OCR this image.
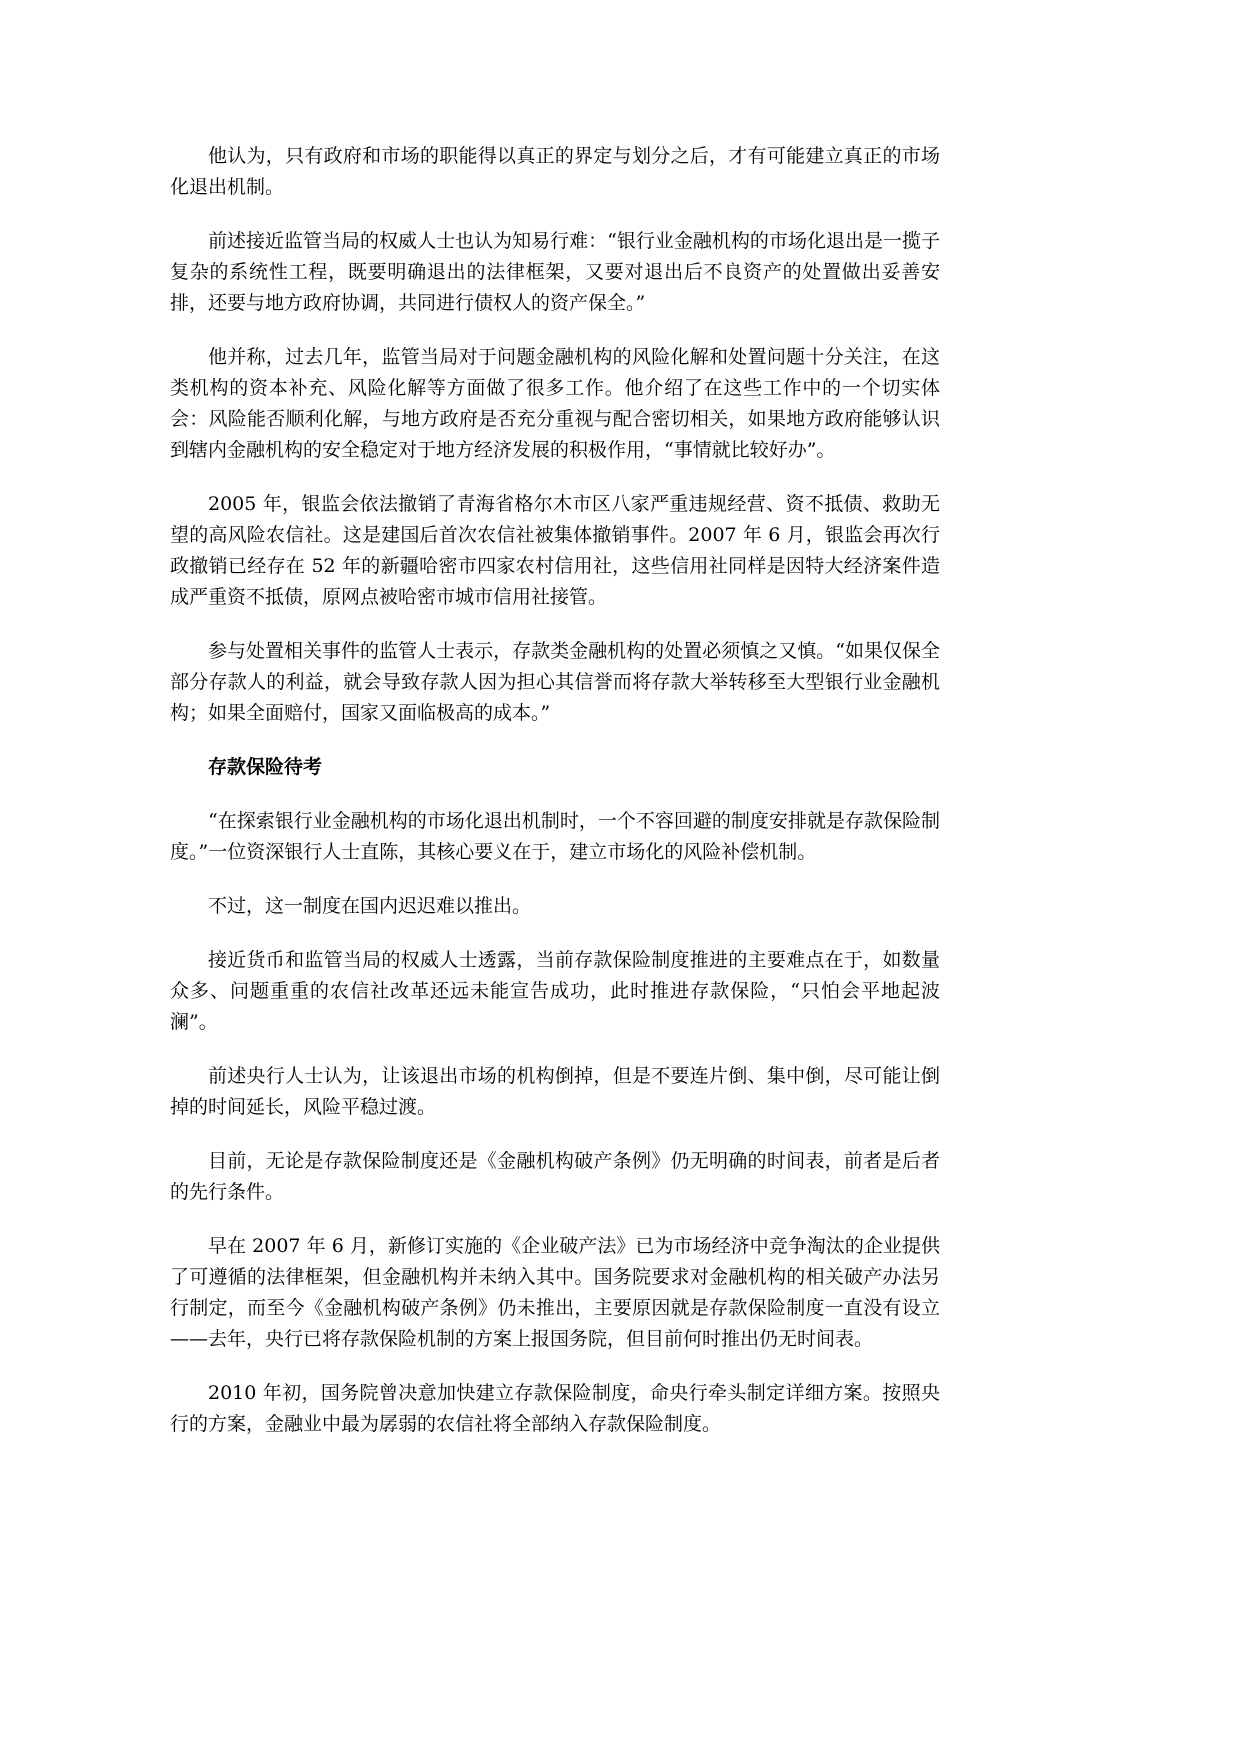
他认为，只有政府和市场的职能得以真正的界定与划分之后，才有可能建立真正的市场化退出机制。

前述接近监管当局的权威人士也认为知易行难：“银行业金融机构的市场化退出是一揽子复杂的系统性工程，既要明确退出的法律框架，又要对退出后不良资产的处置做出妥善安排，还要与地方政府协调，共同进行债权人的资产保全。”

他并称，过去几年，监管当局对于问题金融机构的风险化解和处置问题十分关注，在这类机构的资本补充、风险化解等方面做了很多工作。他介绍了在这些工作中的一个切实体会：风险能否顺利化解，与地方政府是否充分重视与配合密切相关，如果地方政府能够认识到辖内金融机构的安全稳定对于地方经济发展的积极作用，“事情就比较好办”。

2005 年，银监会依法撤销了青海省格尔木市区八家严重违规经营、资不抵债、救助无望的高风险农信社。这是建国后首次农信社被集体撤销事件。2007 年 6 月，银监会再次行政撤销已经存在 52 年的新疆哈密市四家农村信用社，这些信用社同样是因特大经济案件造成严重资不抵债，原网点被哈密市城市信用社接管。

参与处置相关事件的监管人士表示，存款类金融机构的处置必须慎之又慎。“如果仅保全部分存款人的利益，就会导致存款人因为担心其信誉而将存款大举转移至大型银行业金融机构；如果全面赔付，国家又面临极高的成本。”

存款保险待考

“在探索银行业金融机构的市场化退出机制时，一个不容回避的制度安排就是存款保险制度。”一位资深银行人士直陈，其核心要义在于，建立市场化的风险补偿机制。

不过，这一制度在国内迟迟难以推出。

接近货币和监管当局的权威人士透露，当前存款保险制度推进的主要难点在于，如数量众多、问题重重的农信社改革还远未能宣告成功，此时推进存款保险，“只怕会平地起波澜”。

前述央行人士认为，让该退出市场的机构倒掉，但是不要连片倒、集中倒，尽可能让倒掉的时间延长，风险平稳过渡。

目前，无论是存款保险制度还是《金融机构破产条例》仍无明确的时间表，前者是后者的先行条件。

早在 2007 年 6 月，新修订实施的《企业破产法》已为市场经济中竞争淘汰的企业提供了可遵循的法律框架，但金融机构并未纳入其中。国务院要求对金融机构的相关破产办法另行制定，而至今《金融机构破产条例》仍未推出，主要原因就是存款保险制度一直没有设立——去年，央行已将存款保险机制的方案上报国务院，但目前何时推出仍无时间表。

2010 年初，国务院曾决意加快建立存款保险制度，命央行牵头制定详细方案。按照央行的方案，金融业中最为孱弱的农信社将全部纳入存款保险制度。
